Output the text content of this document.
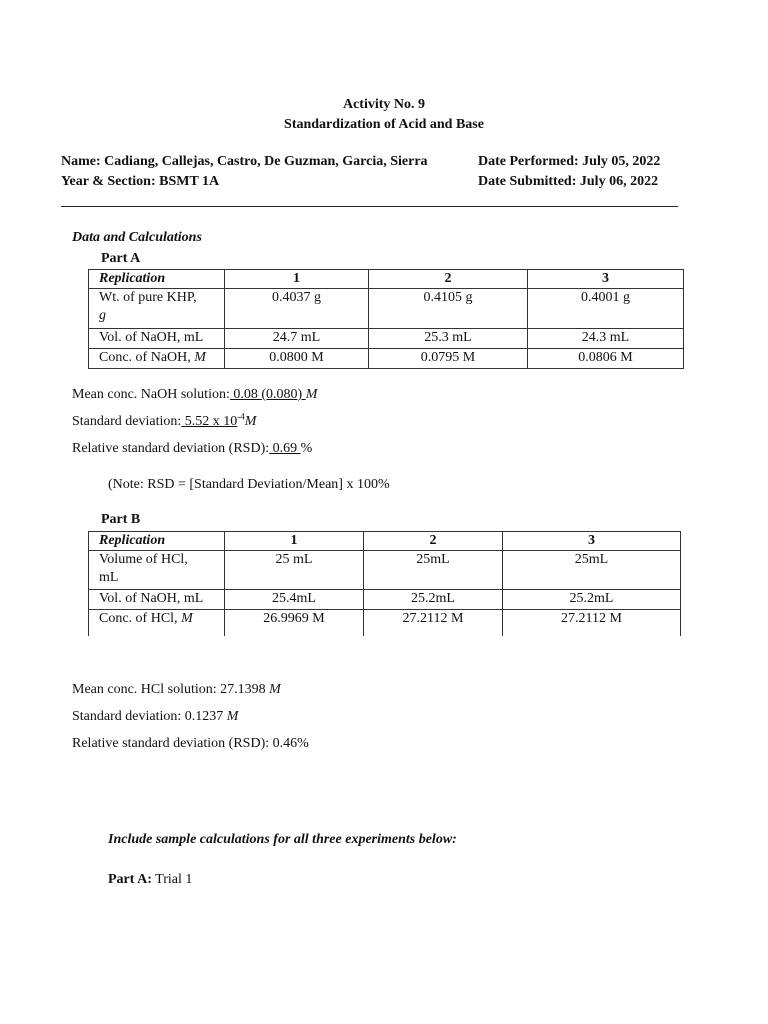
Activity No. 9
Standardization of Acid and Base
Name: Cadiang, Callejas, Castro, De Guzman, Garcia, Sierra
Year & Section: BSMT 1A
Date Performed: July 05, 2022
Date Submitted: July 06, 2022
Data and Calculations
Part A
Replication	1	2	3
Wt. of pure KHP,
g	0.4037 g	0.4105 g	0.4001 g
Vol. of NaOH, mL	24.7 mL	25.3 mL	24.3 mL
Conc. of NaOH, M	0.0800 M	0.0795 M	0.0806 M
Mean conc. NaOH solution: 0.08 (0.080) M
Standard deviation: 5.52 x $10^{-4}M$
Relative standard deviation (RSD): 0.69 %
(Note: RSD = [Standard Deviation/Mean] x 100%
Part B
Replication	1	2	3
Volume of HCl,
mL	25 mL	25mL	25mL
Vol. of NaOH, mL	25.4mL	25.2mL	25.2mL
Conc. of HCl, M	26.9969 M	27.2112 M	27.2112 M
Mean conc. HCl solution: 27.1398 M
Standard deviation: 0.1237 M
Relative standard deviation (RSD): 0.46%
Include sample calculations for all three experiments below:
Part A: Trial 1
